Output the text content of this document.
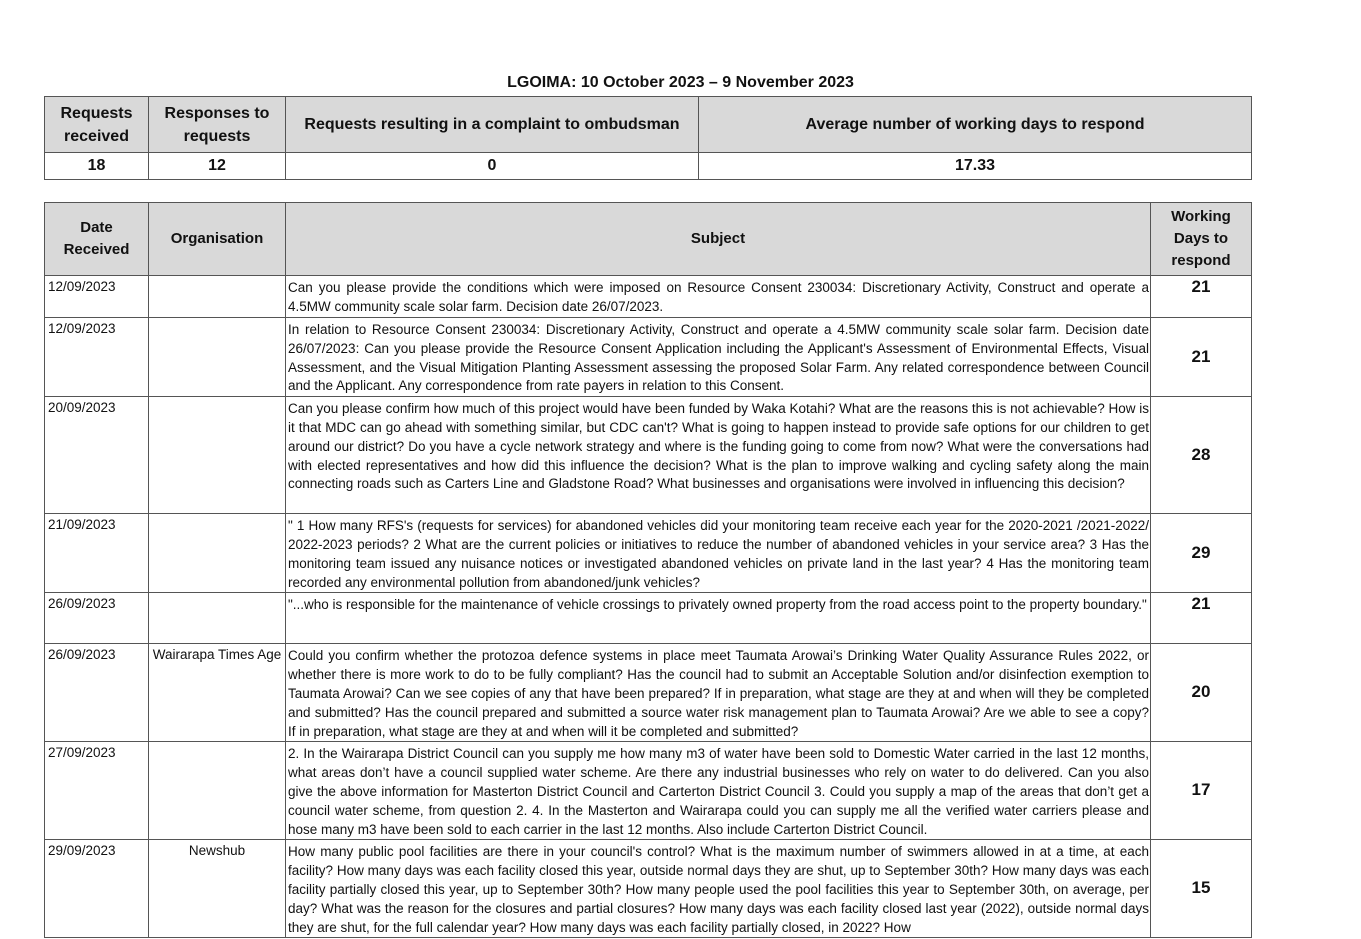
LGOIMA: 10 October 2023 – 9 November 2023
Requests received	Responses to requests	Requests resulting in a complaint to ombudsman	Average number of working days to respond
18	12	0	17.33
Date Received	Organisation	Subject	Working Days to respond
12/09/2023		Can you please provide the conditions which were imposed on Resource Consent 230034: Discretionary Activity, Construct and operate a 4.5MW community scale solar farm. Decision date 26/07/2023.	21
12/09/2023		In relation to Resource Consent 230034: Discretionary Activity, Construct and operate a 4.5MW community scale solar farm. Decision date 26/07/2023: Can you please provide the Resource Consent Application including the Applicant's Assessment of Environmental Effects, Visual Assessment, and the Visual Mitigation Planting Assessment assessing the proposed Solar Farm. Any related correspondence between Council and the Applicant. Any correspondence from rate payers in relation to this Consent.	21
20/09/2023		Can you please confirm how much of this project would have been funded by Waka Kotahi? What are the reasons this is not achievable? How is it that MDC can go ahead with something similar, but CDC can't? What is going to happen instead to provide safe options for our children to get around our district? Do you have a cycle network strategy and where is the funding going to come from now? What were the conversations had with elected representatives and how did this influence the decision? What is the plan to improve walking and cycling safety along the main connecting roads such as Carters Line and Gladstone Road? What businesses and organisations were involved in influencing this decision?	28
21/09/2023		" 1 How many RFS's (requests for services) for abandoned vehicles did your monitoring team receive each year for the 2020-2021 /2021-2022/ 2022-2023 periods? 2 What are the current policies or initiatives to reduce the number of abandoned vehicles in your service area? 3 Has the monitoring team issued any nuisance notices or investigated abandoned vehicles on private land in the last year? 4 Has the monitoring team recorded any environmental pollution from abandoned/junk vehicles?	29
26/09/2023		"...who is responsible for the maintenance of vehicle crossings to privately owned property from the road access point to the property boundary."	21
26/09/2023	Wairarapa Times Age	Could you confirm whether the protozoa defence systems in place meet Taumata Arowai’s Drinking Water Quality Assurance Rules 2022, or whether there is more work to do to be fully compliant? Has the council had to submit an Acceptable Solution and/or disinfection exemption to Taumata Arowai? Can we see copies of any that have been prepared? If in preparation, what stage are they at and when will they be completed and submitted? Has the council prepared and submitted a source water risk management plan to Taumata Arowai? Are we able to see a copy? If in preparation, what stage are they at and when will it be completed and submitted?	20
27/09/2023		2. In the Wairarapa District Council can you supply me how many m3 of water have been sold to Domestic Water carried in the last 12 months, what areas don’t have a council supplied water scheme. Are there any industrial businesses who rely on water to do delivered. Can you also give the above information for Masterton District Council and Carterton District Council 3. Could you supply a map of the areas that don’t get a council water scheme, from question 2. 4. In the Masterton and Wairarapa could you can supply me all the verified water carriers please and hose many m3 have been sold to each carrier in the last 12 months. Also include Carterton District Council.	17
29/09/2023	Newshub	How many public pool facilities are there in your council's control? What is the maximum number of swimmers allowed in at a time, at each facility? How many days was each facility closed this year, outside normal days they are shut, up to September 30th? How many days was each facility partially closed this year, up to September 30th? How many people used the pool facilities this year to September 30th, on average, per day? What was the reason for the closures and partial closures? How many days was each facility closed last year (2022), outside normal days they are shut, for the full calendar year? How many days was each facility partially closed, in 2022? How	15
